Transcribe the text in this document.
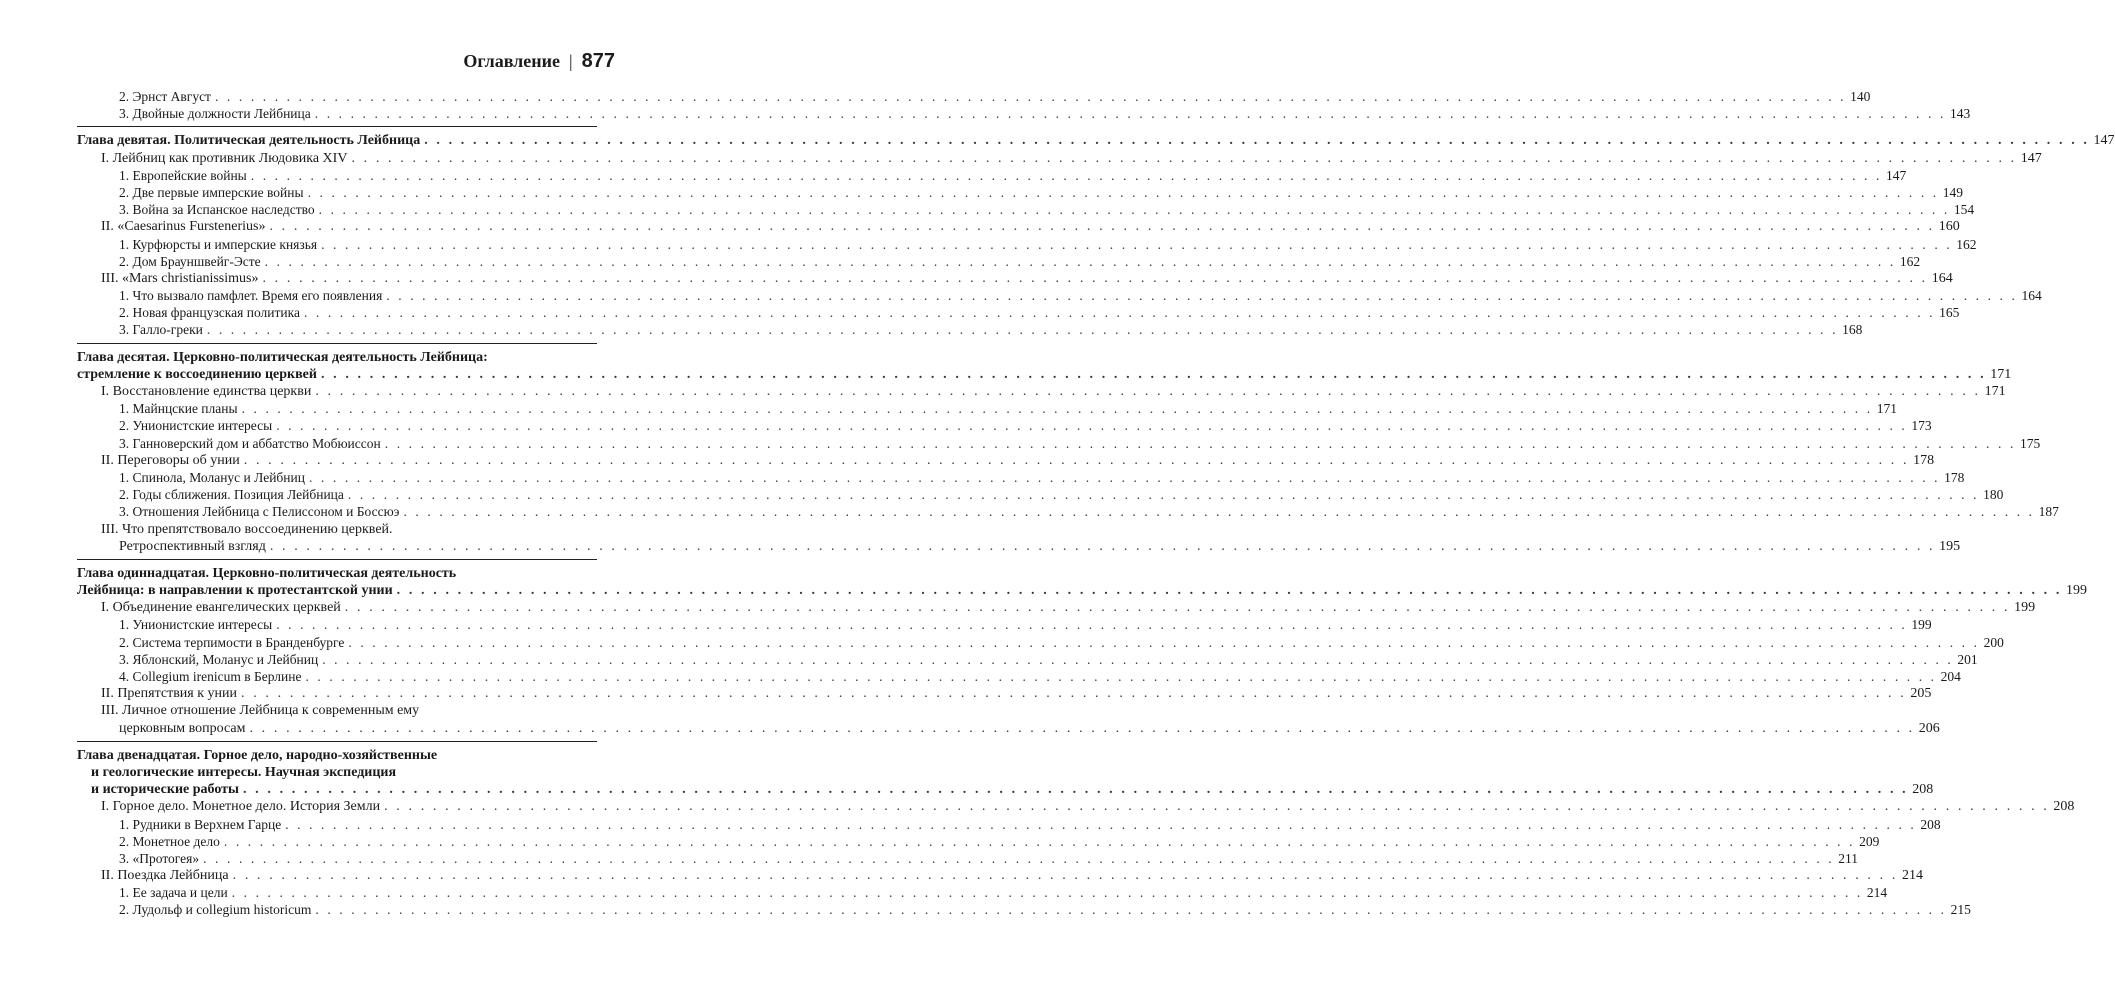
Оглавление | 877
2. Эрнст Август . . .	140
3. Двойные должности Лейбница . . .	143
Глава девятая. Политическая деятельность Лейбница . . .	147
I. Лейбниц как противник Людовика XIV . . .	147
1. Европейские войны . . .	147
2. Две первые имперские войны . . .	149
3. Война за Испанское наследство . . .	154
II. «Caesarinus Furstenerius» . . .	160
1. Курфюрсты и имперские князья . . .	162
2. Дом Брауншвейг-Эсте . . .	162
III. «Mars christianissimus» . . .	164
1. Что вызвало памфлет. Время его появления . . .	164
2. Новая французская политика . . .	165
3. Галло-греки . . .	168
Глава десятая. Церковно-политическая деятельность Лейбница:
стремление к воссоединению церквей . . .	171
I. Восстановление единства церкви . . .	171
1. Майнцские планы . . .	171
2. Унионистские интересы . . .	173
3. Ганноверский дом и аббатство Мобюиссон . . .	175
II. Переговоры об унии . . .	178
1. Спинола, Моланус и Лейбниц . . .	178
2. Годы сближения. Позиция Лейбница . . .	180
3. Отношения Лейбница с Пелиссоном и Боссюэ . . .	187
III. Что препятствовало воссоединению церквей.
Ретроспективный взгляд . . .	195
Глава одиннадцатая. Церковно-политическая деятельность
Лейбница: в направлении к протестантской унии . . .	199
I. Объединение евангелических церквей . . .	199
1. Унионистские интересы . . .	199
2. Система терпимости в Бранденбурге . . .	200
3. Яблонский, Моланус и Лейбниц . . .	201
4. Collegium irenicum в Берлине . . .	204
II. Препятствия к унии . . .	205
III. Личное отношение Лейбница к современным ему
церковным вопросам . . .	206
Глава двенадцатая. Горное дело, народно-хозяйственные
и геологические интересы. Научная экспедиция
и исторические работы . . .	208
I. Горное дело. Монетное дело. История Земли . . .	208
1. Рудники в Верхнем Гарце . . .	208
2. Монетное дело . . .	209
3. «Протогея» . . .	211
II. Поездка Лейбница . . .	214
1. Ее задача и цели . . .	214
2. Лудольф и collegium historicum . . .	215
